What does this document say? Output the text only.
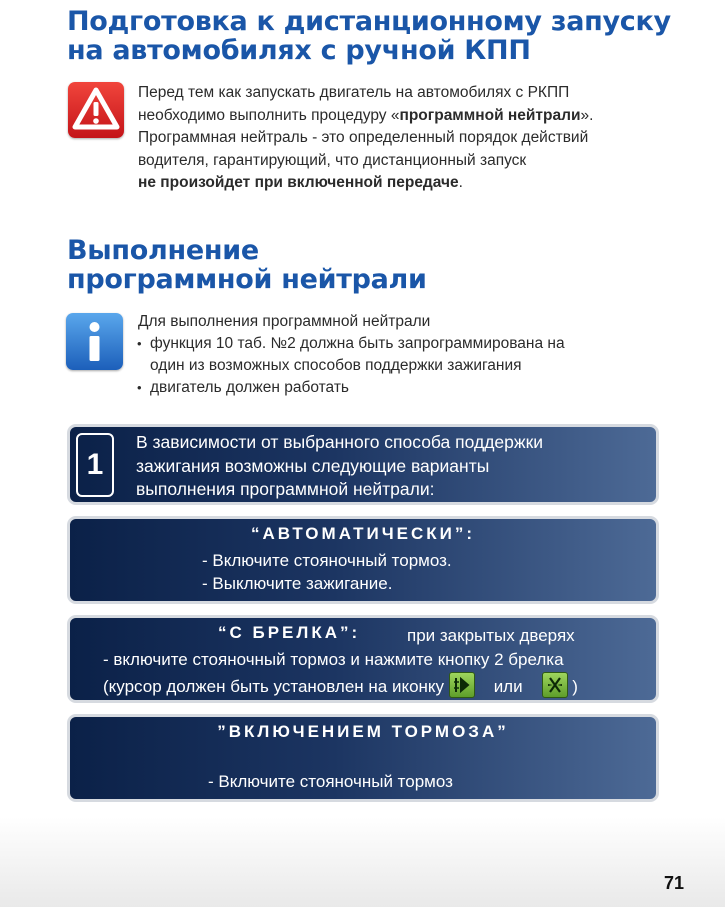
Подготовка к дистанционному запуску
на автомобилях с ручной КПП

Перед тем как запускать двигатель на автомобилях с РКПП

необходимо выполнить процедуру «программной нейтрали».

Программная нейтраль - это определенный порядок действий

водителя, гарантирующий, что дистанционный запуск

не произойдет при включенной передаче.

Выполнение
программной нейтрали

Для выполнения программной нейтрали

• функция 10 таб. №2 должна быть запрограммирована на
один из возможных способов поддержки зажигания
• двигатель должен работать
1
В зависимости от выбранного способа поддержки
зажигания возможны следующие варианты
выполнения программной нейтрали:
“АВТОМАТИЧЕСКИ”:
- Включите стояночный тормоз.
- Выключите зажигание.
“С БРЕЛКА”:	при закрытых дверях
- включите стояночный тормоз и нажмите кнопку 2 брелка
(курсор должен быть установлен на иконку	или	)
”ВКЛЮЧЕНИЕМ ТОРМОЗА”
- Включите стояночный тормоз
71
